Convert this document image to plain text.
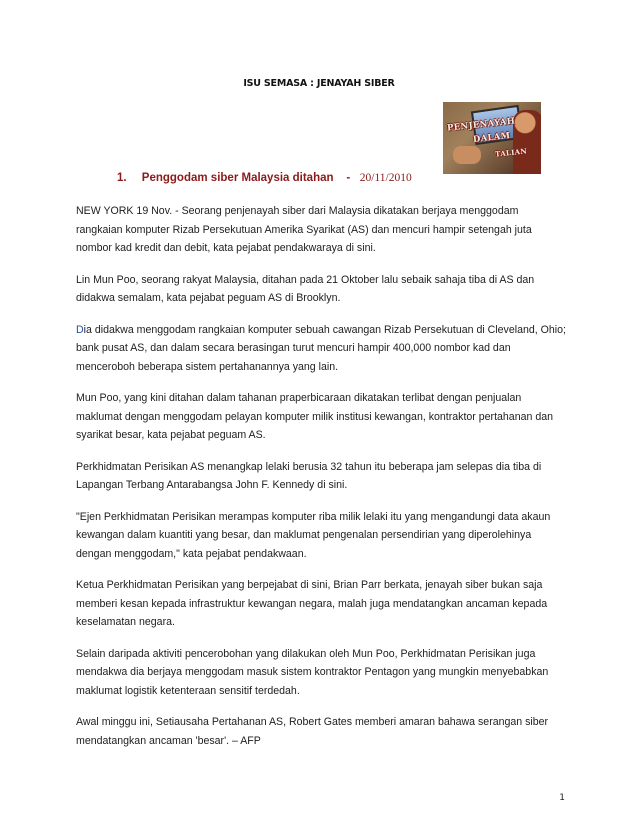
ISU SEMASA : JENAYAH SIBER
PENJENAYAH
DALAM
TALIAN
1. Penggodam siber Malaysia ditahan - 20/11/2010

NEW YORK 19 Nov. - Seorang penjenayah siber dari Malaysia dikatakan berjaya menggodam rangkaian komputer Rizab Persekutuan Amerika Syarikat (AS) dan mencuri hampir setengah juta nombor kad kredit dan debit, kata pejabat pendakwaraya di sini.

Lin Mun Poo, seorang rakyat Malaysia, ditahan pada 21 Oktober lalu sebaik sahaja tiba di AS dan didakwa semalam, kata pejabat peguam AS di Brooklyn.

Dia didakwa menggodam rangkaian komputer sebuah cawangan Rizab Persekutuan di Cleveland, Ohio; bank pusat AS, dan dalam secara berasingan turut mencuri hampir 400,000 nombor kad dan menceroboh beberapa sistem pertahanannya yang lain.

Mun Poo, yang kini ditahan dalam tahanan praperbicaraan dikatakan terlibat dengan penjualan maklumat dengan menggodam pelayan komputer milik institusi kewangan, kontraktor pertahanan dan syarikat besar, kata pejabat peguam AS.

Perkhidmatan Perisikan AS menangkap lelaki berusia 32 tahun itu beberapa jam selepas dia tiba di Lapangan Terbang Antarabangsa John F. Kennedy di sini.

"Ejen Perkhidmatan Perisikan merampas komputer riba milik lelaki itu yang mengandungi data akaun kewangan dalam kuantiti yang besar, dan maklumat pengenalan persendirian yang diperolehinya dengan menggodam," kata pejabat pendakwaan.

Ketua Perkhidmatan Perisikan yang berpejabat di sini, Brian Parr berkata, jenayah siber bukan saja memberi kesan kepada infrastruktur kewangan negara, malah juga mendatangkan ancaman kepada keselamatan negara.

Selain daripada aktiviti pencerobohan yang dilakukan oleh Mun Poo, Perkhidmatan Perisikan juga mendakwa dia berjaya menggodam masuk sistem kontraktor Pentagon yang mungkin menyebabkan maklumat logistik ketenteraan sensitif terdedah.

Awal minggu ini, Setiausaha Pertahanan AS, Robert Gates memberi amaran bahawa serangan siber mendatangkan ancaman 'besar'. – AFP

1
